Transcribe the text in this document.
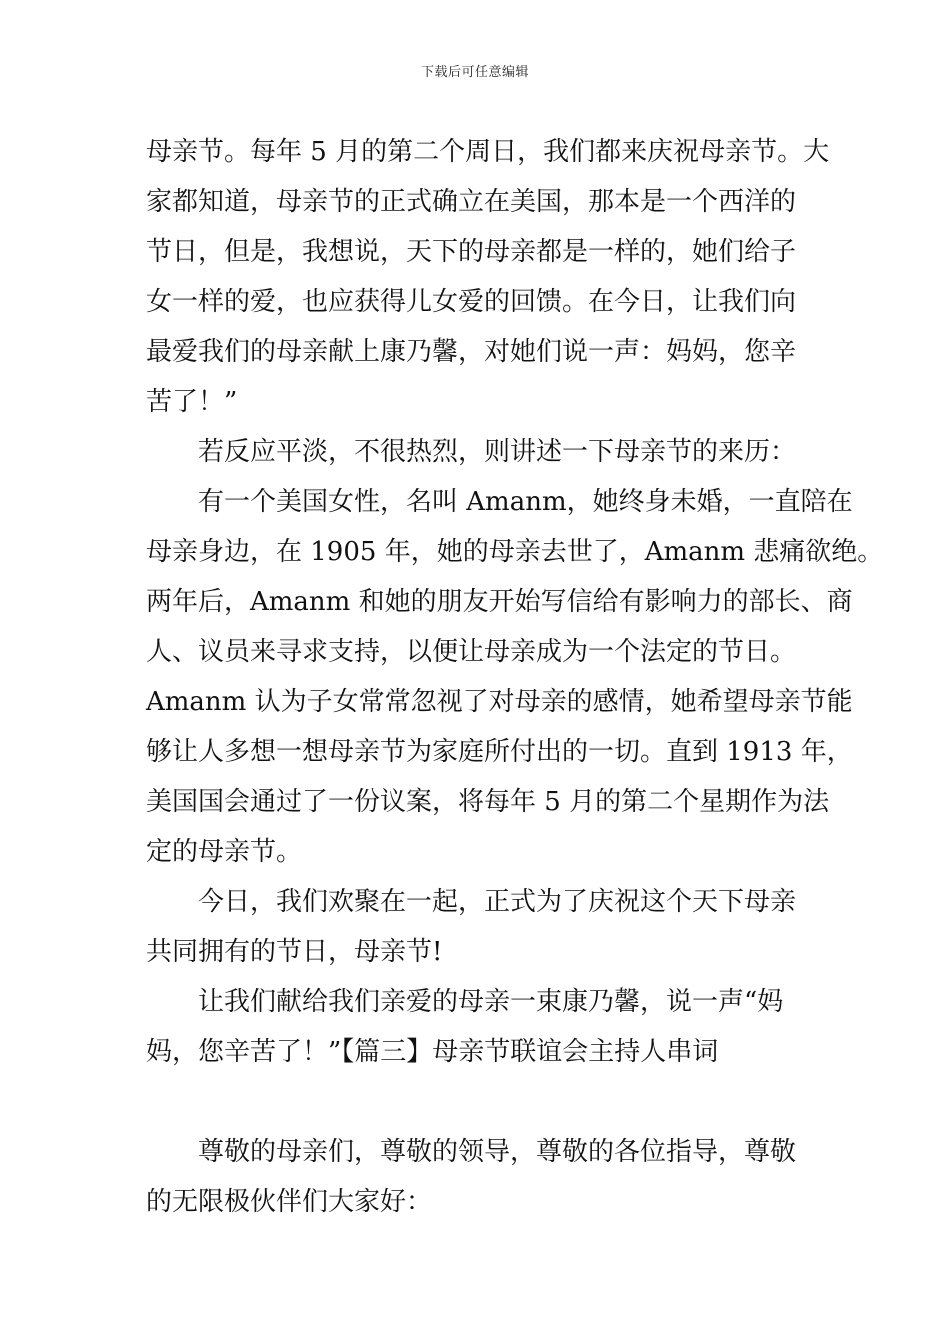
下载后可任意编辑
母亲节。每年 5 月的第二个周日，我们都来庆祝母亲节。大
家都知道，母亲节的正式确立在美国，那本是一个西洋的
节日，但是，我想说，天下的母亲都是一样的，她们给子
女一样的爱，也应获得儿女爱的回馈。在今日，让我们向
最爱我们的母亲献上康乃馨，对她们说一声：妈妈，您辛
苦了！”
若反应平淡，不很热烈，则讲述一下母亲节的来历：
有一个美国女性，名叫 Amanm，她终身未婚，一直陪在
母亲身边，在 1905 年，她的母亲去世了，Amanm 悲痛欲绝。
两年后，Amanm 和她的朋友开始写信给有影响力的部长、商
人、议员来寻求支持，以便让母亲成为一个法定的节日。
Amanm 认为子女常常忽视了对母亲的感情，她希望母亲节能
够让人多想一想母亲节为家庭所付出的一切。直到 1913 年，
美国国会通过了一份议案，将每年 5 月的第二个星期作为法
定的母亲节。
今日，我们欢聚在一起，正式为了庆祝这个天下母亲
共同拥有的节日，母亲节!
让我们献给我们亲爱的母亲一束康乃馨，说一声“妈
妈，您辛苦了！”【篇三】母亲节联谊会主持人串词
尊敬的母亲们，尊敬的领导，尊敬的各位指导，尊敬
的无限极伙伴们大家好：
